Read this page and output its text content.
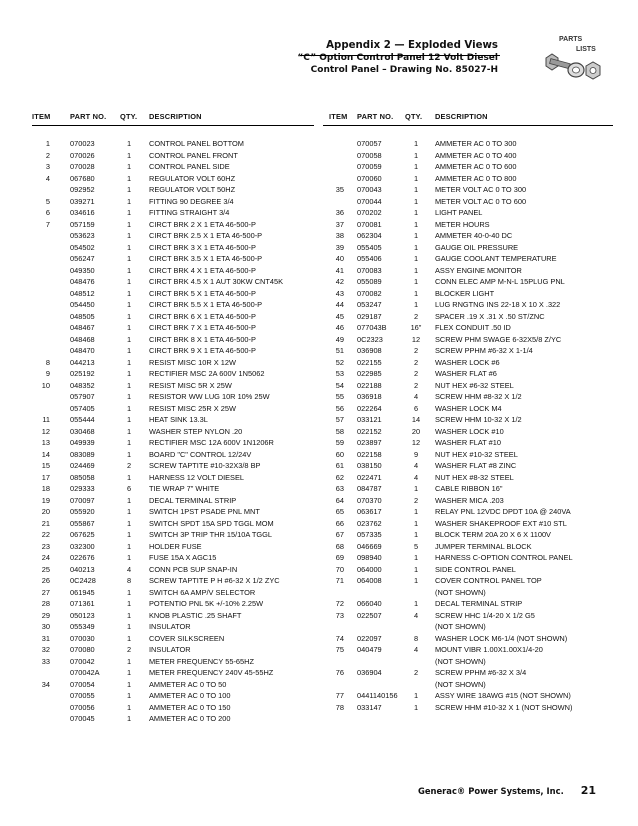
Appendix 2 — Exploded Views
“C” Option Control Panel 12 Volt Diesel
Control Panel – Drawing No. 85027-H
PARTS
LISTS
ITEM	PART NO. QTY. DESCRIPTION
1	070023	1	CONTROL PANEL BOTTOM
2	070026	1	CONTROL PANEL FRONT
3	070028	1	CONTROL PANEL SIDE
4	067680	1	REGULATOR VOLT 60HZ
092952	1	REGULATOR VOLT 50HZ
5	039271	1	FITTING 90 DEGREE 3/4
6	034616	1	FITTING STRAIGHT 3/4
7	057159	1	CIRCT BRK 2 X 1 ETA 46-500-P
053623	1	CIRCT BRK 2.5 X 1 ETA 46-500-P
054502	1	CIRCT BRK 3 X 1 ETA 46-500-P
056247	1	CIRCT BRK 3.5 X 1 ETA 46-500-P
049350	1	CIRCT BRK 4 X 1 ETA 46-500-P
048476	1	CIRCT BRK 4.5 X 1 AUT 30KW CNT45K
048512	1	CIRCT BRK 5 X 1 ETA 46-500-P
054450	1	CIRCT BRK 5.5 X 1 ETA 46-500-P
048505	1	CIRCT BRK 6 X 1 ETA 46-500-P
048467	1	CIRCT BRK 7 X 1 ETA 46-500-P
048468	1	CIRCT BRK 8 X 1 ETA 46-500-P
048470	1	CIRCT BRK 9 X 1 ETA 46-500-P
8	044213	1	RESIST MISC 10R X 12W
9	025192	1	RECTIFIER MSC 2A 600V 1N5062
10	048352	1	RESIST MISC 5R X 25W
057907	1	RESISTOR WW LUG 10R 10% 25W
057405	1	RESIST MISC 25R X 25W
11	055444	1	HEAT SINK 13.3L
12	030468	1	WASHER STEP NYLON .20
13	049939	1	RECTIFIER MSC 12A 600V 1N1206R
14	083089	1	BOARD "C" CONTROL 12/24V
15	024469	2	SCREW TAPTITE #10-32X3/8 BP
17	085058	1	HARNESS 12 VOLT DIESEL
18	029333	6	TIE WRAP 7" WHITE
19	070097	1	DECAL TERMINAL STRIP
20	055920	1	SWITCH 1PST PSADE PNL MNT
21	055867	1	SWITCH SPDT 15A SPD TGGL MOM
22	067625	1	SWITCH 3P TRIP THR 15/10A TGGL
23	032300	1	HOLDER FUSE
24	022676	1	FUSE 15A X AGC15
25	040213	4	CONN PCB SUP SNAP-IN
26	0C2428	8	SCREW TAPTITE P H #6-32 X 1/2 ZYC
27	061945	1	SWITCH 6A AMP/V SELECTOR
28	071361	1	POTENTIO PNL 5K +/-10% 2.25W
29	050123	1	KNOB PLASTIC .25 SHAFT
30	055349	1	INSULATOR
31	070030	1	COVER SILKSCREEN
32	070080	2	INSULATOR
33	070042	1	METER FREQUENCY 55-65HZ
070042A	1	METER FREQUENCY 240V 45-55HZ
34	070054	1	AMMETER AC 0 TO 50
070055	1	AMMETER AC 0 TO 100
070056	1	AMMETER AC 0 TO 150
070045	1	AMMETER AC 0 TO 200
ITEM PART NO. QTY. DESCRIPTION
070057	1	AMMETER AC 0 TO 300
070058	1	AMMETER AC 0 TO 400
070059	1	AMMETER AC 0 TO 600
070060	1	AMMETER AC 0 TO 800
35 070043	1	METER VOLT AC 0 TO 300
070044	1	METER VOLT AC 0 TO 600
36 070202	1	LIGHT PANEL
37 070081	1	METER HOURS
38 062304	1	AMMETER 40-0-40 DC
39 055405	1	GAUGE OIL PRESSURE
40 055406	1	GAUGE COOLANT TEMPERATURE
41 070083	1	ASSY ENGINE MONITOR
42 055089	1	CONN ELEC AMP M-N-L 15PLUG PNL
43 070082	1	BLOCKER LIGHT
44 053247	1	LUG RNGTNG INS 22-18 X 10 X .322
45 029187	2	SPACER .19 X .31 X .50 ST/ZNC
46 077043B	16"	FLEX CONDUIT .50 ID
49 0C2323	12	SCREW PHM SWAGE 6-32X5/8 Z/YC
51 036908	2	SCREW PPHM #6-32 X 1-1/4
52 022155	2	WASHER LOCK #6
53 022985	2	WASHER FLAT #6
54 022188	2	NUT HEX #6-32 STEEL
55 036918	4	SCREW HHM #8-32 X 1/2
56 022264	6	WASHER LOCK M4
57 033121	14	SCREW HHM 10-32 X 1/2
58 022152	20	WASHER LOCK #10
59 023897	12	WASHER FLAT #10
60 022158	9	NUT HEX #10-32 STEEL
61 038150	4	WASHER FLAT #8 ZINC
62 022471	4	NUT HEX #8-32 STEEL
63 084787	1	CABLE RIBBON 16"
64 070370	2	WASHER MICA .203
65 063617	1	RELAY PNL 12VDC DPDT 10A @ 240VA
66 023762	1	WASHER SHAKEPROOF EXT #10 STL
67 057335	1	BLOCK TERM 20A 20 X 6 X 1100V
68 046669	5	JUMPER TERMINAL BLOCK
69 098940	1	HARNESS C-OPTION CONTROL PANEL
70 064000	1	SIDE CONTROL PANEL
71 064008	1	COVER CONTROL PANEL TOP
(NOT SHOWN)
72 066040	1	DECAL TERMINAL STRIP
73 022507	4	SCREW HHC 1/4-20 X 1/2 G5
(NOT SHOWN)
74 022097	8	WASHER LOCK M6-1/4 (NOT SHOWN)
75 040479	4	MOUNT VIBR 1.00X1.00X1/4-20
(NOT SHOWN)
76 036904	2	SCREW PPHM #6-32 X 3/4
(NOT SHOWN)
77 0441140156	1	ASSY WIRE 18AWG #15 (NOT SHOWN)
78 033147	1	SCREW HHM #10-32 X 1 (NOT SHOWN)
Generac® Power Systems, Inc. 21
